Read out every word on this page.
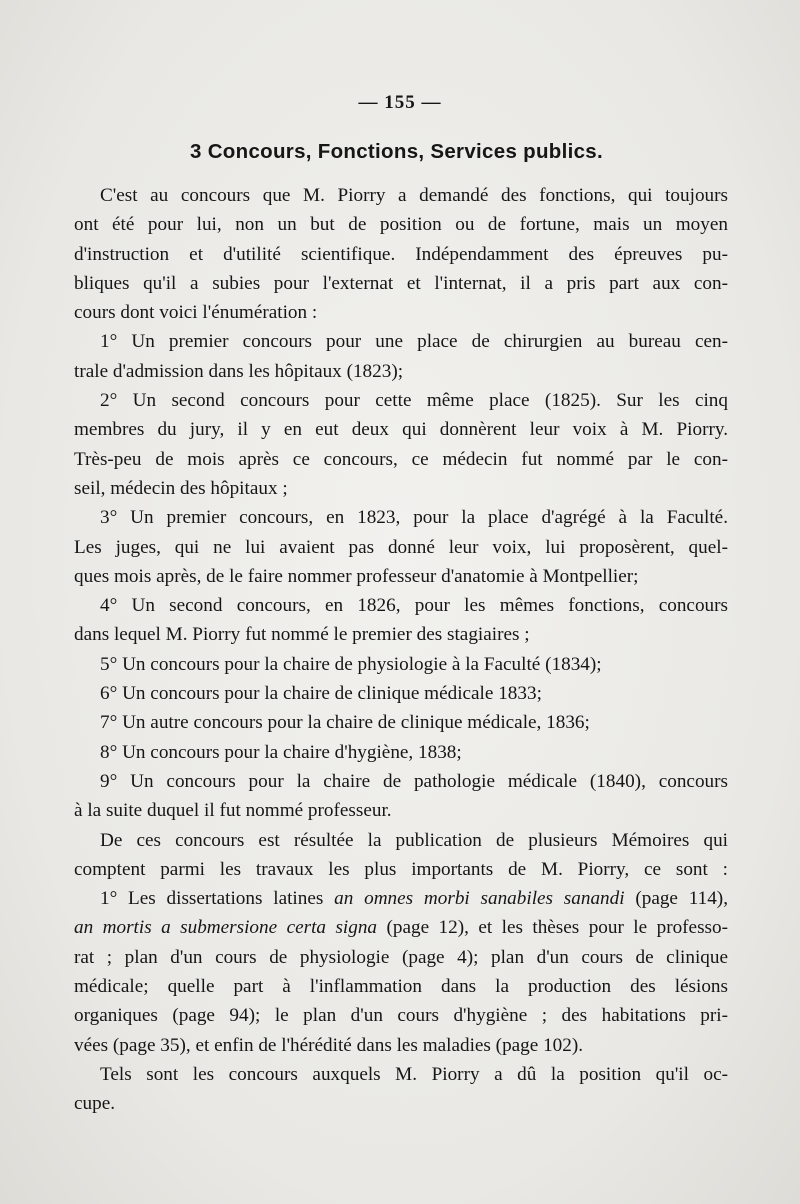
— 155 —
3 Concours, Fonctions, Services publics.

C'est au concours que M. Piorry a demandé des fonctions, qui toujours
ont été pour lui, non un but de position ou de fortune, mais un moyen
d'instruction et d'utilité scientifique. Indépendamment des épreuves pu-
bliques qu'il a subies pour l'externat et l'internat, il a pris part aux con-
cours dont voici l'énumération :

1° Un premier concours pour une place de chirurgien au bureau cen-
trale d'admission dans les hôpitaux (1823);

2° Un second concours pour cette même place (1825). Sur les cinq
membres du jury, il y en eut deux qui donnèrent leur voix à M. Piorry.
Très-peu de mois après ce concours, ce médecin fut nommé par le con-
seil, médecin des hôpitaux ;

3° Un premier concours, en 1823, pour la place d'agrégé à la Faculté.
Les juges, qui ne lui avaient pas donné leur voix, lui proposèrent, quel-
ques mois après, de le faire nommer professeur d'anatomie à Montpellier;

4° Un second concours, en 1826, pour les mêmes fonctions, concours
dans lequel M. Piorry fut nommé le premier des stagiaires ;

5° Un concours pour la chaire de physiologie à la Faculté (1834);

6° Un concours pour la chaire de clinique médicale 1833;

7° Un autre concours pour la chaire de clinique médicale, 1836;

8° Un concours pour la chaire d'hygiène, 1838;

9° Un concours pour la chaire de pathologie médicale (1840), concours
à la suite duquel il fut nommé professeur.

De ces concours est résultée la publication de plusieurs Mémoires qui
comptent parmi les travaux les plus importants de M. Piorry, ce sont :

1° Les dissertations latines an omnes morbi sanabiles sanandi (page 114),
an mortis a submersione certa signa (page 12), et les thèses pour le professo-
rat ; plan d'un cours de physiologie (page 4); plan d'un cours de clinique
médicale; quelle part à l'inflammation dans la production des lésions
organiques (page 94); le plan d'un cours d'hygiène ; des habitations pri-
vées (page 35), et enfin de l'hérédité dans les maladies (page 102).

Tels sont les concours auxquels M. Piorry a dû la position qu'il oc-
cupe.
